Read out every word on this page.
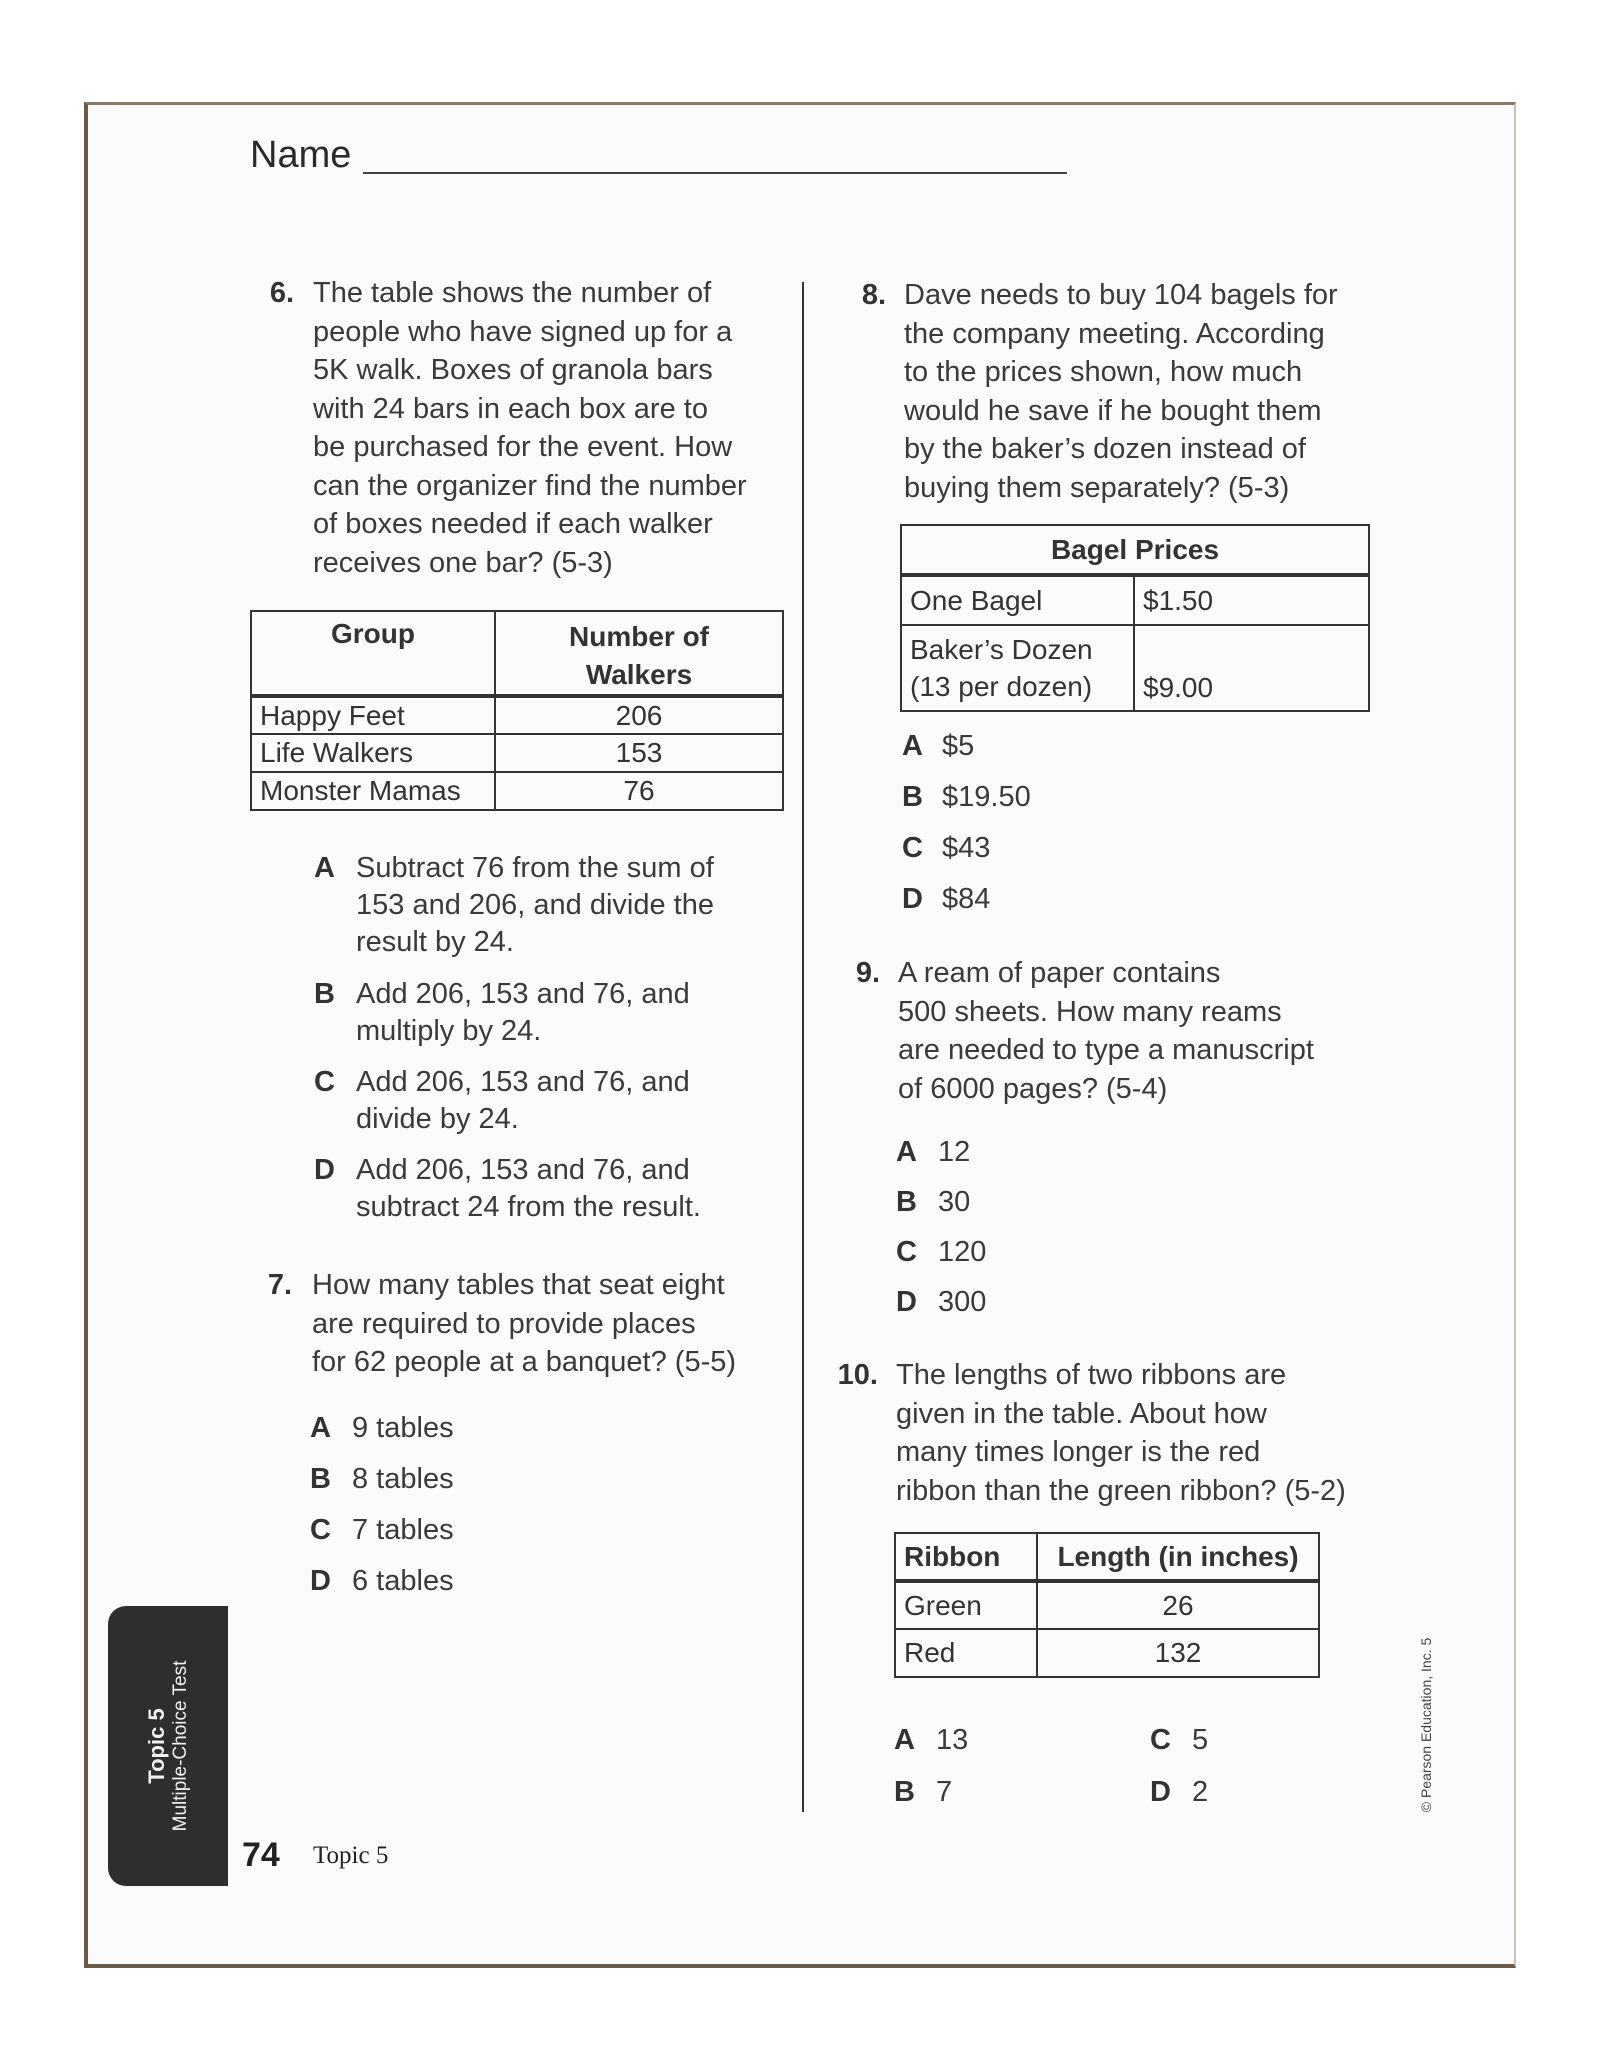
Name
6. The table shows the number of
people who have signed up for a
5K walk. Boxes of granola bars
with 24 bars in each box are to
be purchased for the event. How
can the organizer find the number
of boxes needed if each walker
receives one bar? (5-3)
Group	Number of Walkers
Happy Feet	206
Life Walkers	153
Monster Mamas	76
A Subtract 76 from the sum of
153 and 206, and divide the
result by 24.
B Add 206, 153 and 76, and
multiply by 24.
C Add 206, 153 and 76, and
divide by 24.
D Add 206, 153 and 76, and
subtract 24 from the result.
7. How many tables that seat eight
are required to provide places
for 62 people at a banquet? (5-5)
A 9 tables
B 8 tables
C 7 tables
D 6 tables
8. Dave needs to buy 104 bagels for
the company meeting. According
to the prices shown, how much
would he save if he bought them
by the baker’s dozen instead of
buying them separately? (5-3)
Bagel Prices	
One Bagel	$1.50

Baker’s Dozen
(13 per dozen)	$9.00
A $5
B $19.50
C $43
D $84
9. A ream of paper contains
500 sheets. How many reams
are needed to type a manuscript
of 6000 pages? (5-4)
A 12
B 30
C 120
D 300
10. The lengths of two ribbons are
given in the table. About how
many times longer is the red
ribbon than the green ribbon? (5-2)
Ribbon	Length (in inches)
Green	26
Red	132
A 13
B 7
C 5
D 2
Topic 5 Multiple-Choice Test
74 Topic 5
© Pearson Education, Inc. 5
